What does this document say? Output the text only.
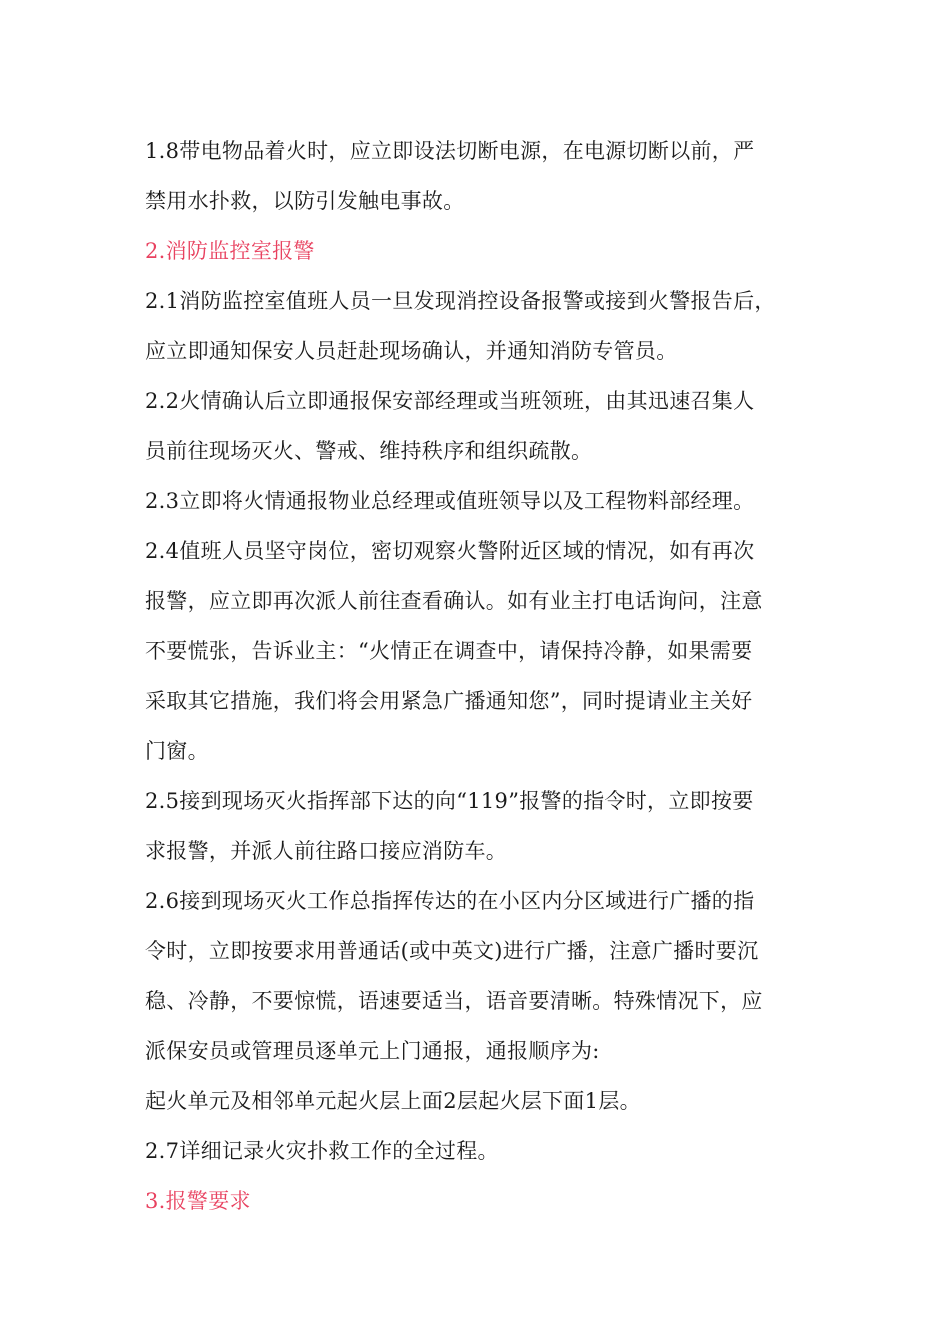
1.8带电物品着火时，应立即设法切断电源，在电源切断以前，严
禁用水扑救，以防引发触电事故。
2.消防监控室报警
2.1消防监控室值班人员一旦发现消控设备报警或接到火警报告后，
应立即通知保安人员赶赴现场确认，并通知消防专管员。
2.2火情确认后立即通报保安部经理或当班领班，由其迅速召集人
员前往现场灭火、警戒、维持秩序和组织疏散。
2.3立即将火情通报物业总经理或值班领导以及工程物料部经理。
2.4值班人员坚守岗位，密切观察火警附近区域的情况，如有再次
报警，应立即再次派人前往查看确认。如有业主打电话询问，注意
不要慌张，告诉业主：“火情正在调查中，请保持冷静，如果需要
采取其它措施，我们将会用紧急广播通知您”，同时提请业主关好
门窗。
2.5接到现场灭火指挥部下达的向“119”报警的指令时，立即按要
求报警，并派人前往路口接应消防车。
2.6接到现场灭火工作总指挥传达的在小区内分区域进行广播的指
令时，立即按要求用普通话(或中英文)进行广播，注意广播时要沉
稳、冷静，不要惊慌，语速要适当，语音要清晰。特殊情况下，应
派保安员或管理员逐单元上门通报，通报顺序为:
起火单元及相邻单元起火层上面2层起火层下面1层。
2.7详细记录火灾扑救工作的全过程。
3.报警要求
